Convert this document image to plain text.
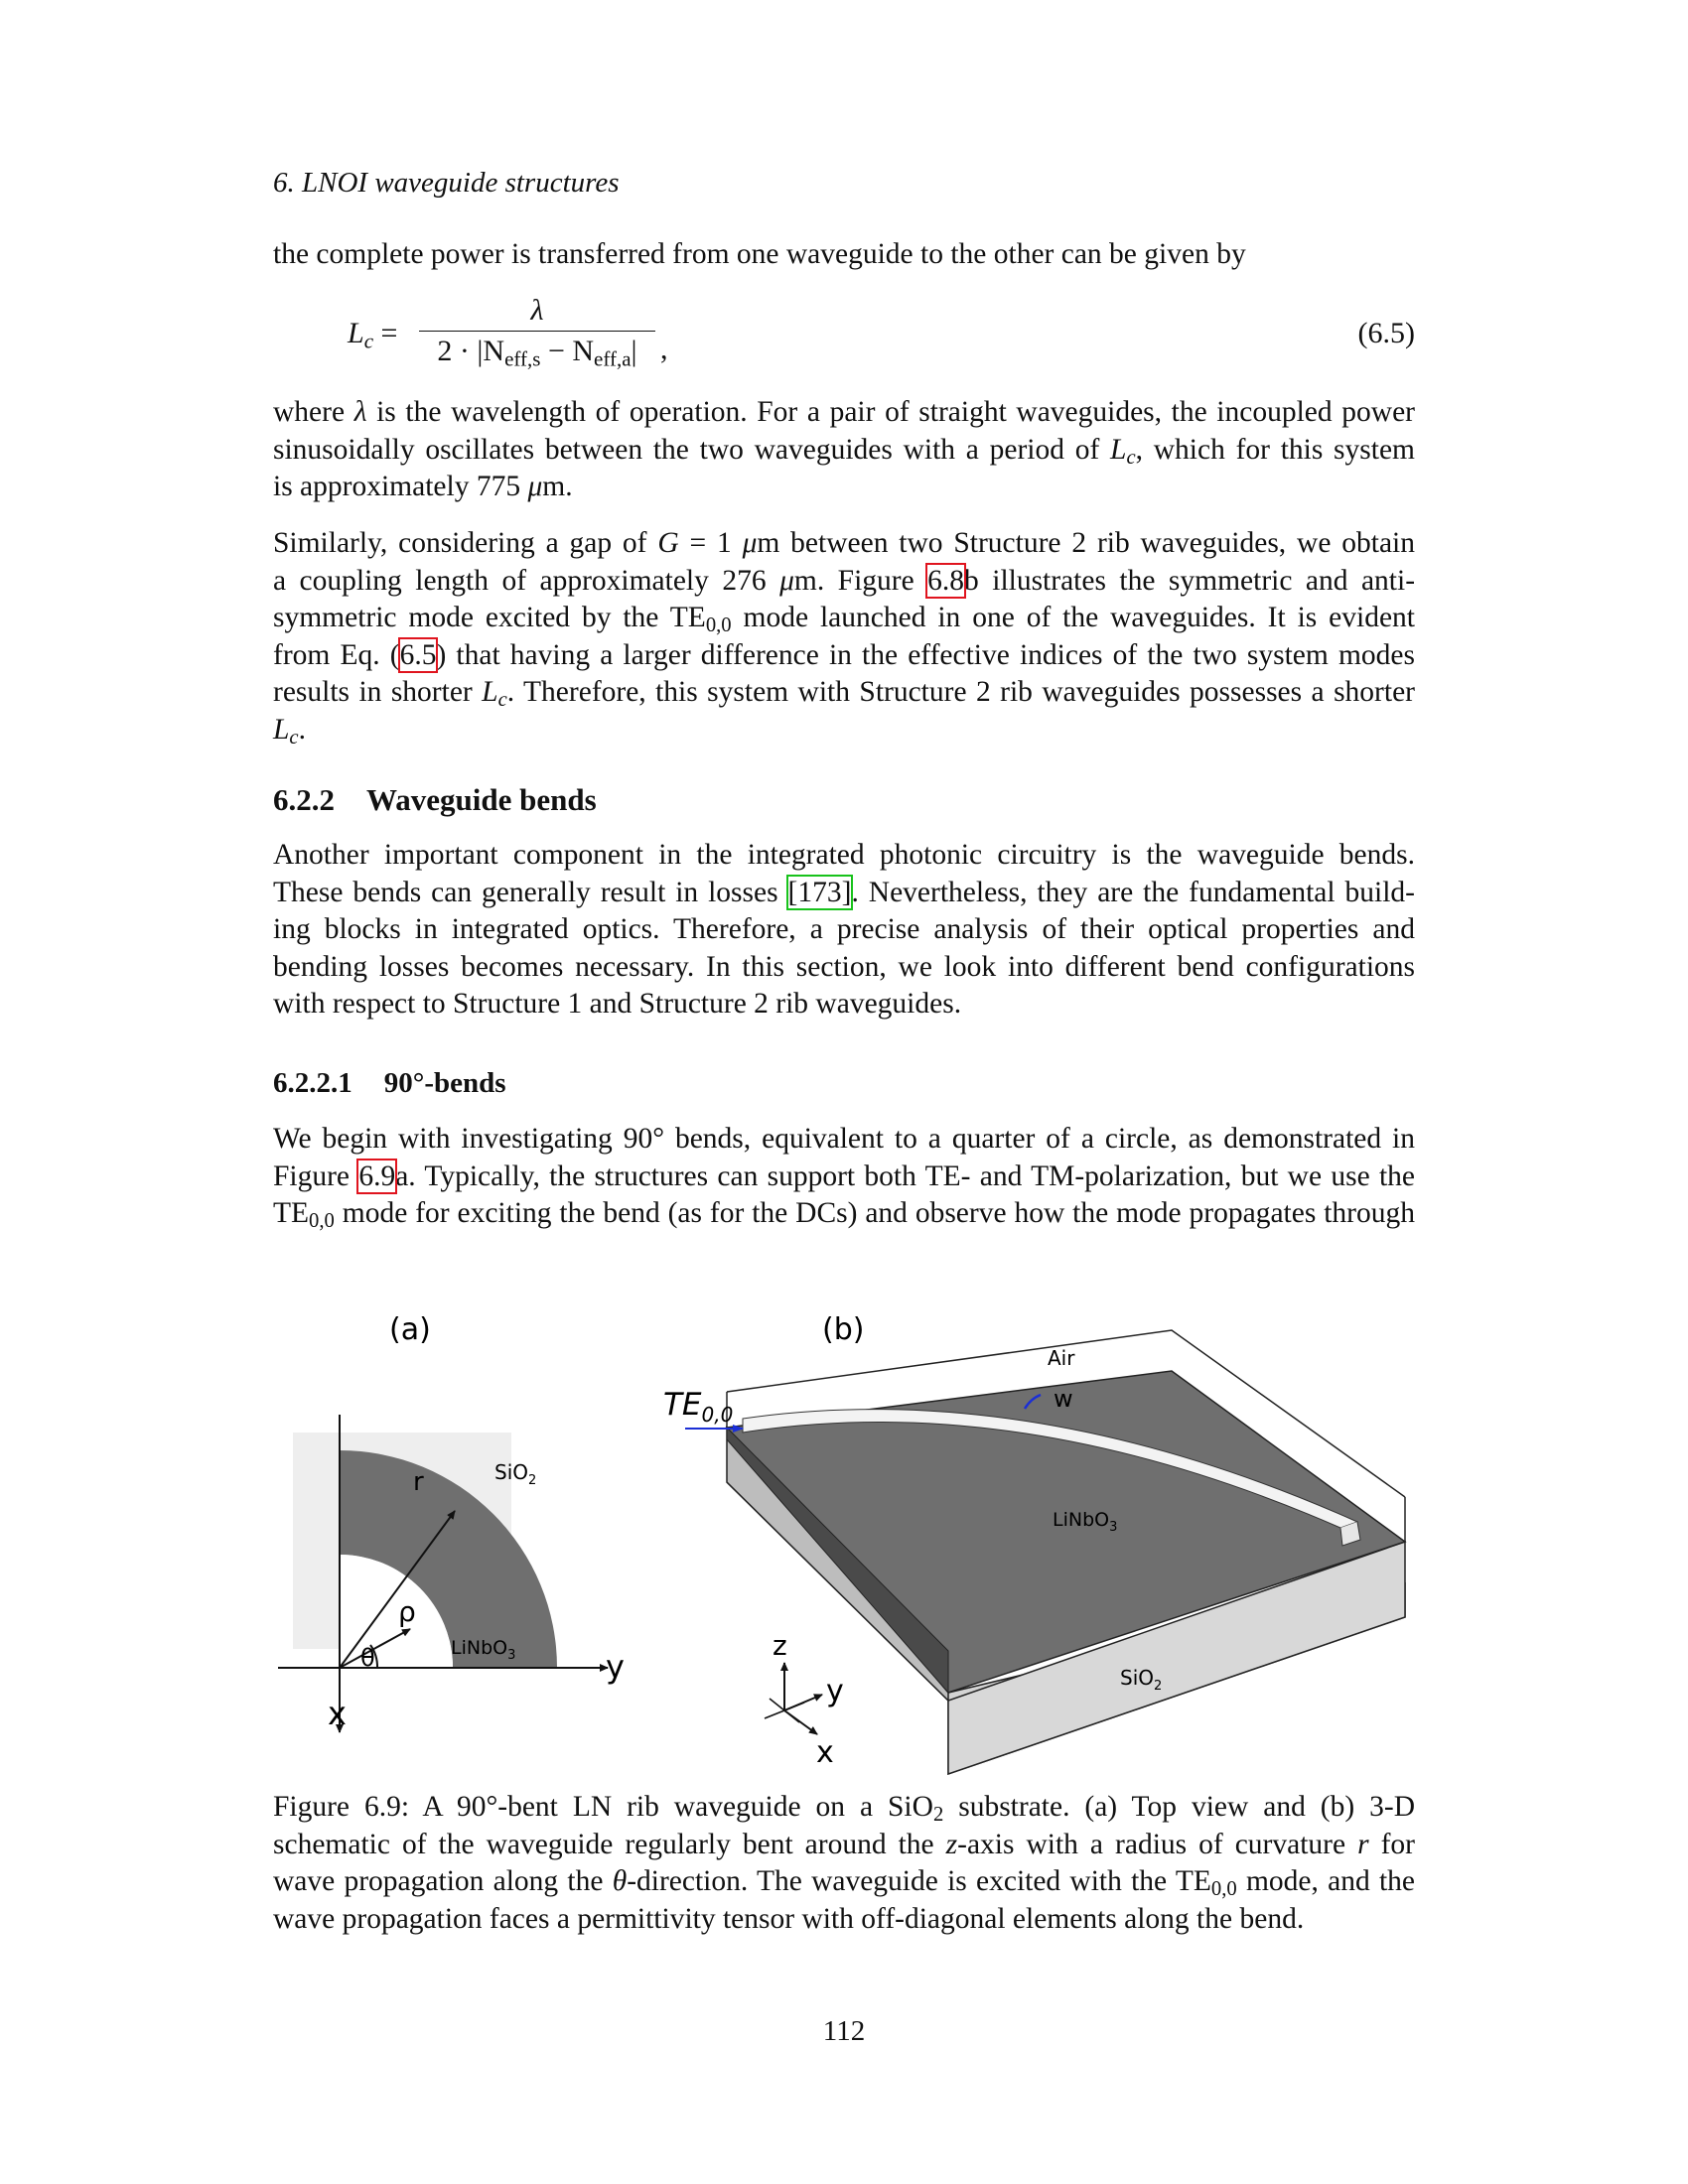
6. LNOI waveguide structures

the complete power is transferred from one waveguide to the other can be given by

$L_c$ =
λ
$2 \cdot |N_{eff,s} - N_{eff,a}|$ ,	(6.5)

where λ is the wavelength of operation. For a pair of straight waveguides, the incoupled power
sinusoidally oscillates between the two waveguides with a period of $L_c$, which for this system
is approximately 775 μm.

Similarly, considering a gap of G = 1 μm between two Structure 2 rib waveguides, we obtain
a coupling length of approximately 276 μm. Figure 6.8b illustrates the symmetric and anti-
symmetric mode excited by the $TE_{0,0}$ mode launched in one of the waveguides. It is evident
from Eq. (6.5) that having a larger difference in the effective indices of the two system modes
results in shorter $L_c$. Therefore, this system with Structure 2 rib waveguides possesses a shorter
$L_c$.

6.2.2 Waveguide bends

Another important component in the integrated photonic circuitry is the waveguide bends.
These bends can generally result in losses [173]. Nevertheless, they are the fundamental build-
ing blocks in integrated optics. Therefore, a precise analysis of their optical properties and
bending losses becomes necessary. In this section, we look into different bend configurations
with respect to Structure 1 and Structure 2 rib waveguides.

6.2.2.1 90°-bends

We begin with investigating 90° bends, equivalent to a quarter of a circle, as demonstrated in
Figure 6.9a. Typically, the structures can support both TE- and TM-polarization, but we use the
$TE_{0,0}$ mode for exciting the bend (as for the DCs) and observe how the mode propagates through

(a)
r
ρ
θ
SiO$_2$
LiNbO$_3$	y
x
(b)
$TE_{0,0}$
Air
w
LiNbO$_3$
SiO$_2$
z
y
x
Figure 6.9: A 90°-bent LN rib waveguide on a SiO$_2$ substrate. (a) Top view and (b) 3-D
schematic of the waveguide regularly bent around the z-axis with a radius of curvature r for
wave propagation along the θ-direction. The waveguide is excited with the $TE_{0,0}$ mode, and the
wave propagation faces a permittivity tensor with off-diagonal elements along the bend.
112
